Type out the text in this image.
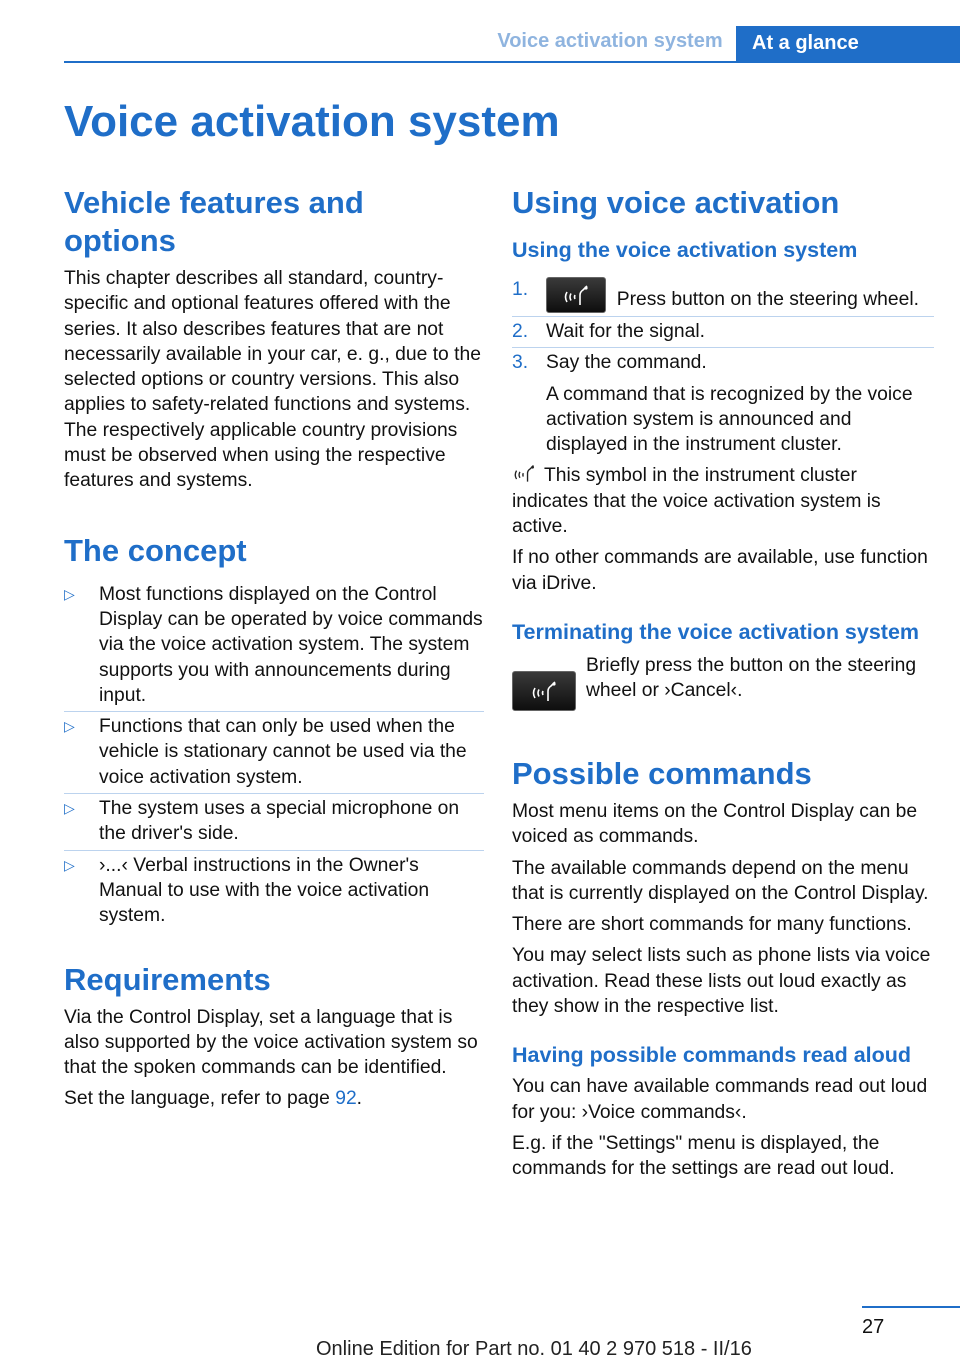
Voice activation system	At a glance
Voice activation system
Vehicle features and options

This chapter describes all standard, country-specific and optional features offered with the series. It also describes features that are not necessarily available in your car, e. g., due to the selected options or country versions. This also applies to safety-related functions and systems. The respectively applicable country provisions must be observed when using the respective features and systems.

The concept
▷ Most functions displayed on the Control Display can be operated by voice commands via the voice activation system. The system supports you with announcements during input.
▷ Functions that can only be used when the vehicle is stationary cannot be used via the voice activation system.
▷ The system uses a special microphone on the driver's side.
▷ ›...‹ Verbal instructions in the Owner's Manual to use with the voice activation system.
Requirements

Via the Control Display, set a language that is also supported by the voice activation system so that the spoken commands can be identified.

Set the language, refer to page 92.

Using voice activation
Using the voice activation system
1.	Press button on the steering wheel.
2. Wait for the signal.
3. Say the command.
A command that is recognized by the voice activation system is announced and displayed in the instrument cluster.

This symbol in the instrument cluster indicates that the voice activation system is active.

If no other commands are available, use function via iDrive.

Terminating the voice activation system

Briefly press the button on the steering wheel or ›Cancel‹.

Possible commands

Most menu items on the Control Display can be voiced as commands.

The available commands depend on the menu that is currently displayed on the Control Display.

There are short commands for many functions.

You may select lists such as phone lists via voice activation. Read these lists out loud exactly as they show in the respective list.

Having possible commands read aloud

You can have available commands read out loud for you: ›Voice commands‹.

E.g. if the "Settings" menu is displayed, the commands for the settings are read out loud.

27
Online Edition for Part no. 01 40 2 970 518 - II/16
